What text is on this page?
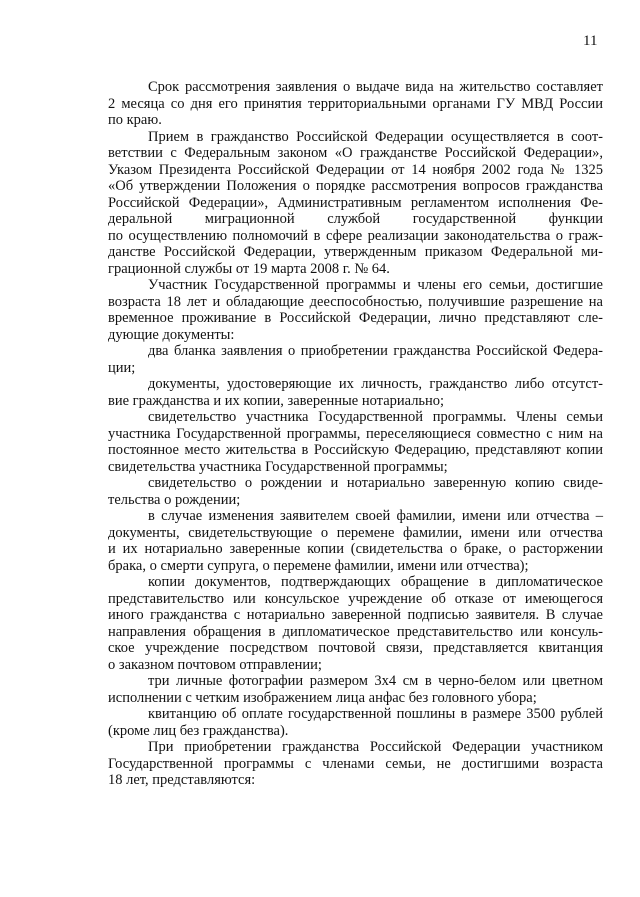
11
Срок рассмотрения заявления о выдаче вида на жительство составляет
2 месяца со дня его принятия территориальными органами ГУ МВД России
по краю.
Прием в гражданство Российской Федерации осуществляется в соот-
ветствии с Федеральным законом «О гражданстве Российской Федерации»,
Указом Президента Российской Федерации от 14 ноября 2002 года № 1325
«Об утверждении Положения о порядке рассмотрения вопросов гражданства
Российской Федерации», Административным регламентом исполнения Фе-
деральной миграционной службой государственной функции
по осуществлению полномочий в сфере реализации законодательства о граж-
данстве Российской Федерации, утвержденным приказом Федеральной ми-
грационной службы от 19 марта 2008 г. № 64.
Участник Государственной программы и члены его семьи, достигшие
возраста 18 лет и обладающие дееспособностью, получившие разрешение на
временное проживание в Российской Федерации, лично представляют сле-
дующие документы:
два бланка заявления о приобретении гражданства Российской Федера-
ции;
документы, удостоверяющие их личность, гражданство либо отсутст-
вие гражданства и их копии, заверенные нотариально;
свидетельство участника Государственной программы. Члены семьи
участника Государственной программы, переселяющиеся совместно с ним на
постоянное место жительства в Российскую Федерацию, представляют копии
свидетельства участника Государственной программы;
свидетельство о рождении и нотариально заверенную копию свиде-
тельства о рождении;
в случае изменения заявителем своей фамилии, имени или отчества –
документы, свидетельствующие о перемене фамилии, имени или отчества
и их нотариально заверенные копии (свидетельства о браке, о расторжении
брака, о смерти супруга, о перемене фамилии, имени или отчества);
копии документов, подтверждающих обращение в дипломатическое
представительство или консульское учреждение об отказе от имеющегося
иного гражданства с нотариально заверенной подписью заявителя. В случае
направления обращения в дипломатическое представительство или консуль-
ское учреждение посредством почтовой связи, представляется квитанция
о заказном почтовом отправлении;
три личные фотографии размером 3x4 см в черно-белом или цветном
исполнении с четким изображением лица анфас без головного убора;
квитанцию об оплате государственной пошлины в размере 3500 рублей
(кроме лиц без гражданства).
При приобретении гражданства Российской Федерации участником
Государственной программы с членами семьи, не достигшими возраста
18 лет, представляются:
